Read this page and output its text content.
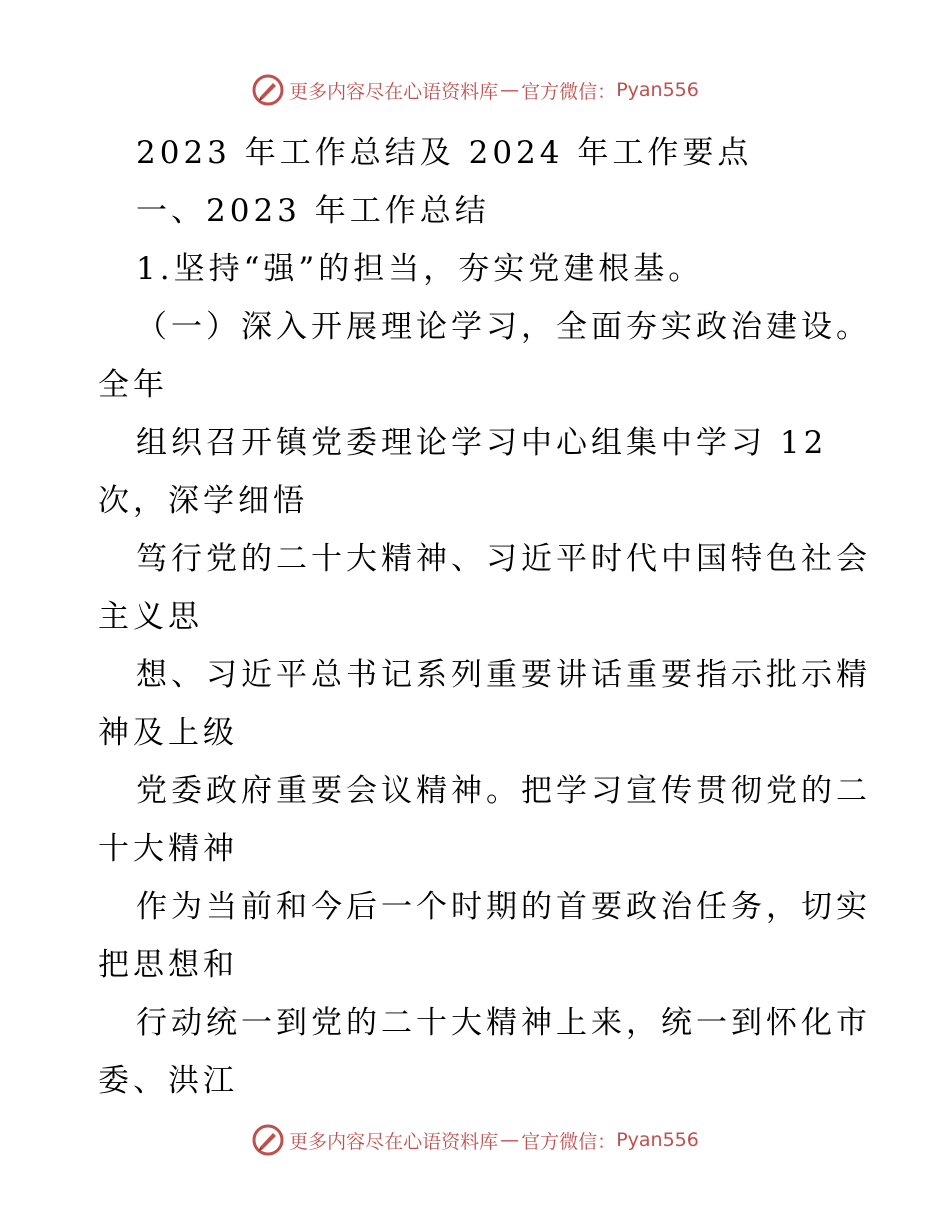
更多内容尽在心语资料库 — 官方微信： Pyan556
2023 年工作总结及 2024 年工作要点
一、2023 年工作总结
1.坚持“强”的担当，夯实党建根基。
（一）深入开展理论学习，全面夯实政治建设。
全年
组织召开镇党委理论学习中心组集中学习 12
次，深学细悟
笃行党的二十大精神、习近平时代中国特色社会
主义思
想、习近平总书记系列重要讲话重要指示批示精
神及上级
党委政府重要会议精神。把学习宣传贯彻党的二
十大精神
作为当前和今后一个时期的首要政治任务，切实
把思想和
行动统一到党的二十大精神上来，统一到怀化市
委、洪江
更多内容尽在心语资料库 — 官方微信： Pyan556
